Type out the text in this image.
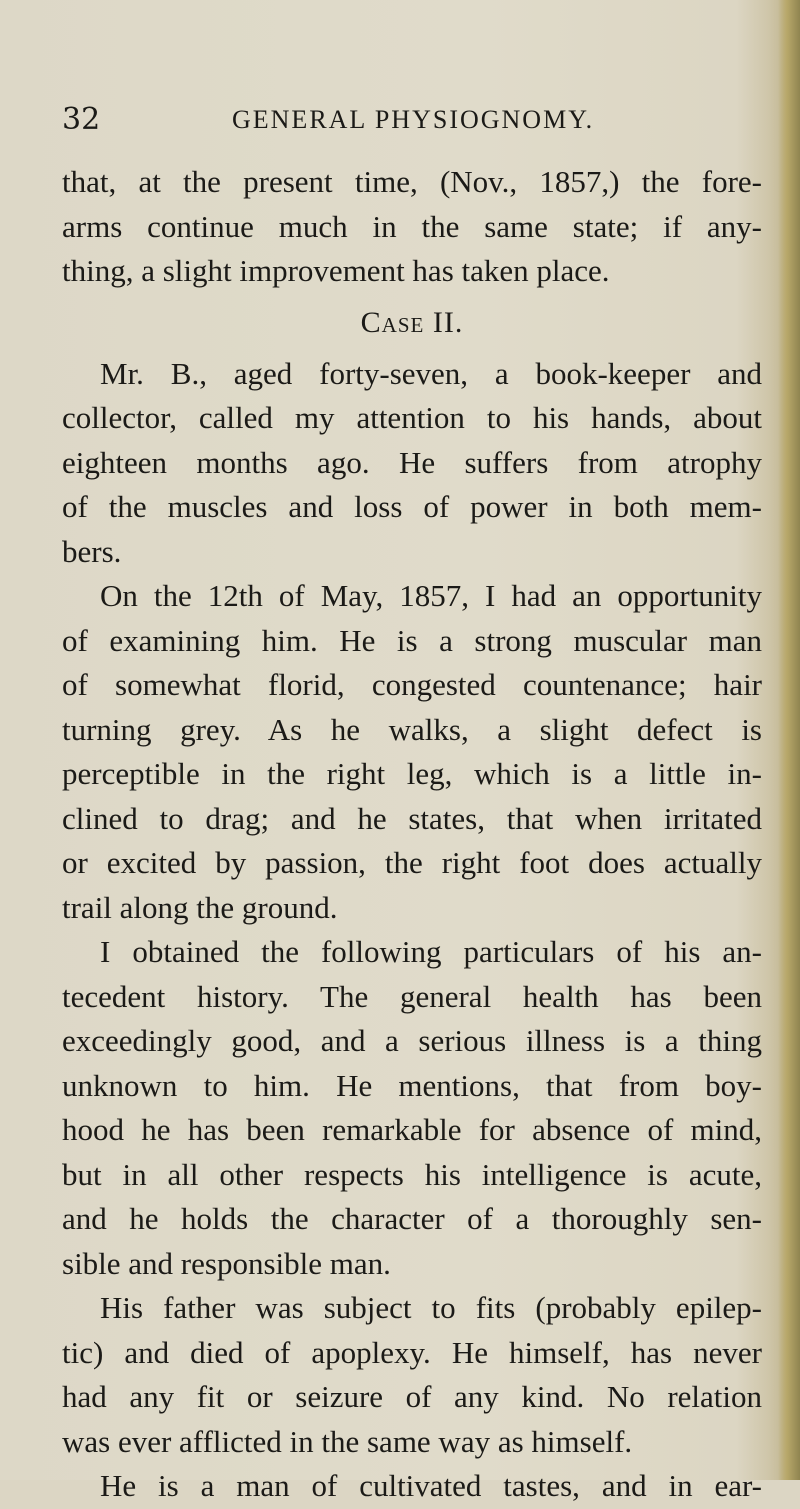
32	GENERAL PHYSIOGNOMY.
that, at the present time, (Nov., 1857,) the fore-
arms continue much in the same state; if any-
thing, a slight improvement has taken place.
Case II.
Mr. B., aged forty-seven, a book-keeper and
collector, called my attention to his hands, about
eighteen months ago. He suffers from atrophy
of the muscles and loss of power in both mem-
bers.
On the 12th of May, 1857, I had an opportunity
of examining him. He is a strong muscular man
of somewhat florid, congested countenance; hair
turning grey. As he walks, a slight defect is
perceptible in the right leg, which is a little in-
clined to drag; and he states, that when irritated
or excited by passion, the right foot does actually
trail along the ground.
I obtained the following particulars of his an-
tecedent history. The general health has been
exceedingly good, and a serious illness is a thing
unknown to him. He mentions, that from boy-
hood he has been remarkable for absence of mind,
but in all other respects his intelligence is acute,
and he holds the character of a thoroughly sen-
sible and responsible man.
His father was subject to fits (probably epilep-
tic) and died of apoplexy. He himself, has never
had any fit or seizure of any kind. No relation
was ever afflicted in the same way as himself.
He is a man of cultivated tastes, and in ear-
